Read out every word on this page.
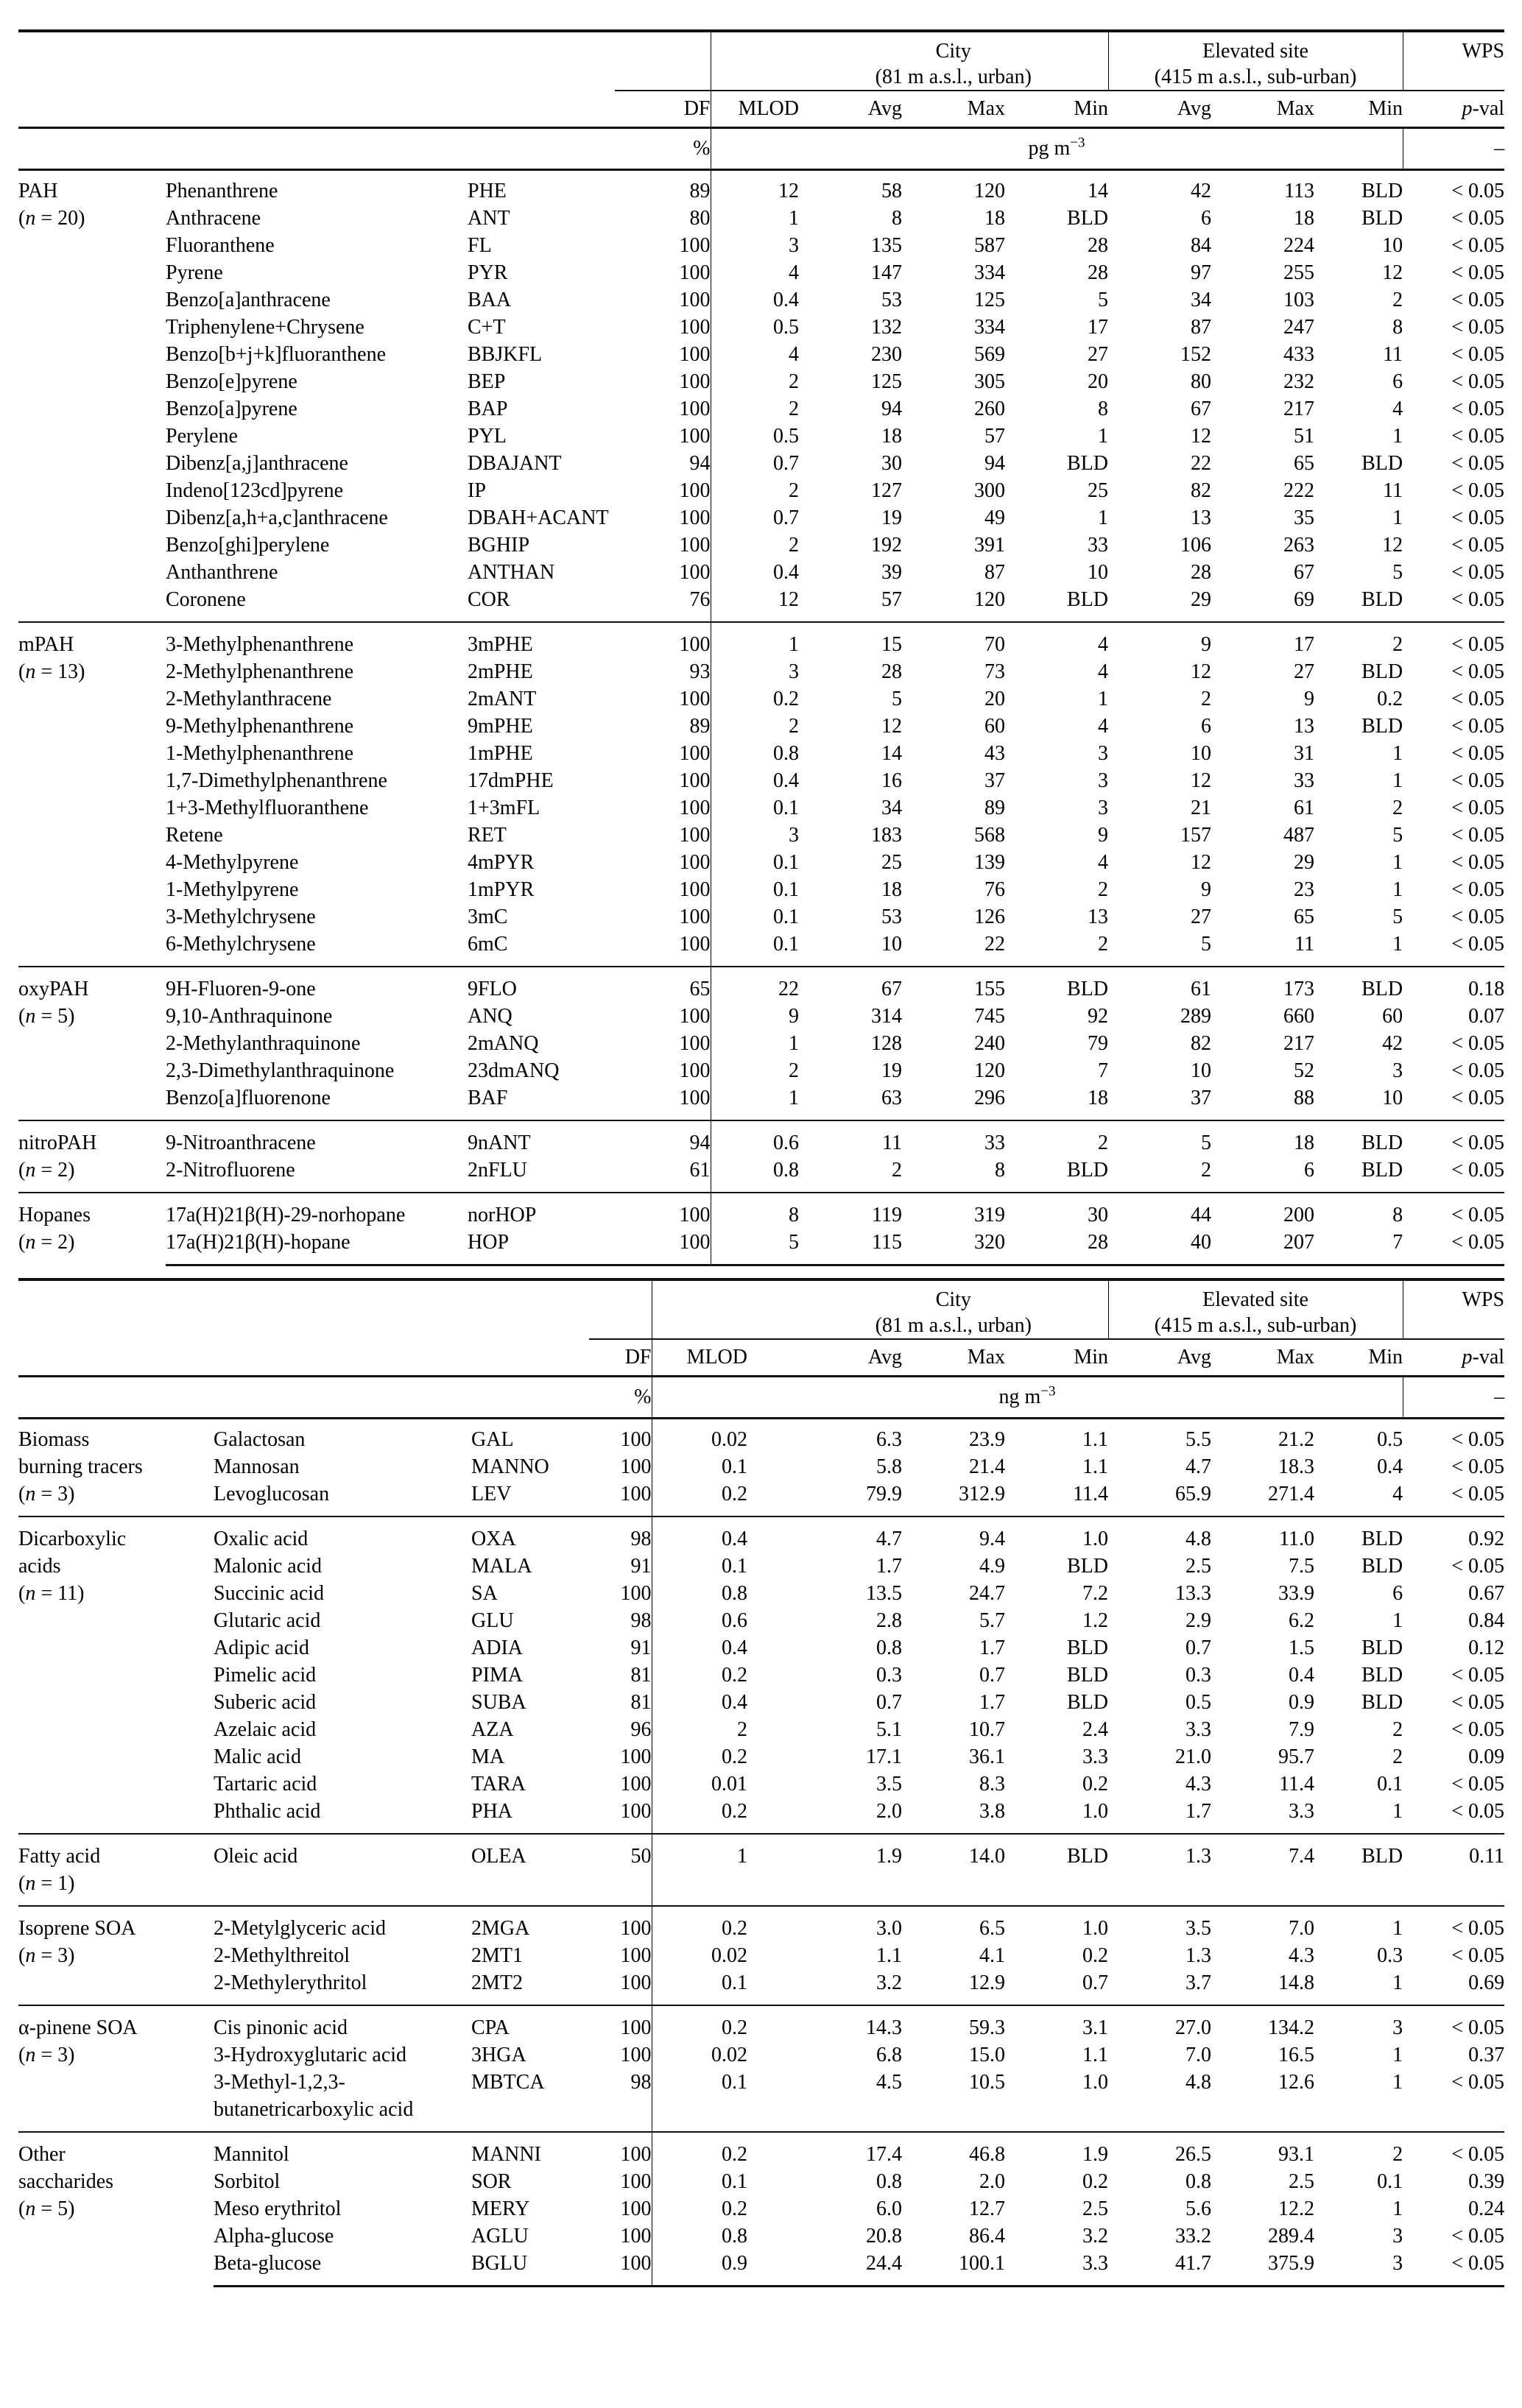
City
(81 m a.s.l., urban)

Elevated site
(415 m a.s.l., sub-urban)
	WPS
			DF	MLOD	Avg	Max	Min	Avg	Max	Min	p-val
			%	pg $m^{-3}$							–

PAH
(n = 20)	Phenanthrene	PHE	89	12	58	120	14	42	113	BLD	< 0.05
	Anthracene	ANT	80	1	8	18	BLD	6	18	BLD	< 0.05
	Fluoranthene	FL	100	3	135	587	28	84	224	10	< 0.05
	Pyrene	PYR	100	4	147	334	28	97	255	12	< 0.05
	Benzo[a]anthracene	BAA	100	0.4	53	125	5	34	103	2	< 0.05
	Triphenylene+Chrysene	C+T	100	0.5	132	334	17	87	247	8	< 0.05
	Benzo[b+j+k]fluoranthene	BBJKFL	100	4	230	569	27	152	433	11	< 0.05
	Benzo[e]pyrene	BEP	100	2	125	305	20	80	232	6	< 0.05
	Benzo[a]pyrene	BAP	100	2	94	260	8	67	217	4	< 0.05
	Perylene	PYL	100	0.5	18	57	1	12	51	1	< 0.05
	Dibenz[a,j]anthracene	DBAJANT	94	0.7	30	94	BLD	22	65	BLD	< 0.05
	Indeno[123cd]pyrene	IP	100	2	127	300	25	82	222	11	< 0.05
	Dibenz[a,h+a,c]anthracene	DBAH+ACANT	100	0.7	19	49	1	13	35	1	< 0.05
	Benzo[ghi]perylene	BGHIP	100	2	192	391	33	106	263	12	< 0.05
	Anthanthrene	ANTHAN	100	0.4	39	87	10	28	67	5	< 0.05
	Coronene	COR	76	12	57	120	BLD	29	69	BLD	< 0.05

mPAH
(n = 13)	3-Methylphenanthrene	3mPHE	100	1	15	70	4	9	17	2	< 0.05
	2-Methylphenanthrene	2mPHE	93	3	28	73	4	12	27	BLD	< 0.05
	2-Methylanthracene	2mANT	100	0.2	5	20	1	2	9	0.2	< 0.05
	9-Methylphenanthrene	9mPHE	89	2	12	60	4	6	13	BLD	< 0.05
	1-Methylphenanthrene	1mPHE	100	0.8	14	43	3	10	31	1	< 0.05
	1,7-Dimethylphenanthrene	17dmPHE	100	0.4	16	37	3	12	33	1	< 0.05
	1+3-Methylfluoranthene	1+3mFL	100	0.1	34	89	3	21	61	2	< 0.05
	Retene	RET	100	3	183	568	9	157	487	5	< 0.05
	4-Methylpyrene	4mPYR	100	0.1	25	139	4	12	29	1	< 0.05
	1-Methylpyrene	1mPYR	100	0.1	18	76	2	9	23	1	< 0.05
	3-Methylchrysene	3mC	100	0.1	53	126	13	27	65	5	< 0.05
	6-Methylchrysene	6mC	100	0.1	10	22	2	5	11	1	< 0.05

oxyPAH
(n = 5)	9H-Fluoren-9-one	9FLO	65	22	67	155	BLD	61	173	BLD	0.18
	9,10-Anthraquinone	ANQ	100	9	314	745	92	289	660	60	0.07
	2-Methylanthraquinone	2mANQ	100	1	128	240	79	82	217	42	< 0.05
	2,3-Dimethylanthraquinone	23dmANQ	100	2	19	120	7	10	52	3	< 0.05
	Benzo[a]fluorenone	BAF	100	1	63	296	18	37	88	10	< 0.05

nitroPAH
(n = 2)	9-Nitroanthracene	9nANT	94	0.6	11	33	2	5	18	BLD	< 0.05
	2-Nitrofluorene	2nFLU	61	0.8	2	8	BLD	2	6	BLD	< 0.05

Hopanes
(n = 2)	17a(H)21β(H)-29-norhopane	norHOP	100	8	119	319	30	44	200	8	< 0.05
	17a(H)21β(H)-hopane	HOP	100	5	115	320	28	40	207	7	< 0.05

City
(81 m a.s.l., urban)

Elevated site
(415 m a.s.l., sub-urban)
	WPS
			DF	MLOD	Avg	Max	Min	Avg	Max	Min	p-val
			%	ng $m^{-3}$							–

Biomass
burning tracers
(n = 3)	Galactosan	GAL	100	0.02	6.3	23.9	1.1	5.5	21.2	0.5	< 0.05
	Mannosan	MANNO	100	0.1	5.8	21.4	1.1	4.7	18.3	0.4	< 0.05
	Levoglucosan	LEV	100	0.2	79.9	312.9	11.4	65.9	271.4	4	< 0.05

Dicarboxylic
acids
(n = 11)	Oxalic acid	OXA	98	0.4	4.7	9.4	1.0	4.8	11.0	BLD	0.92
	Malonic acid	MALA	91	0.1	1.7	4.9	BLD	2.5	7.5	BLD	< 0.05
	Succinic acid	SA	100	0.8	13.5	24.7	7.2	13.3	33.9	6	0.67
	Glutaric acid	GLU	98	0.6	2.8	5.7	1.2	2.9	6.2	1	0.84
	Adipic acid	ADIA	91	0.4	0.8	1.7	BLD	0.7	1.5	BLD	0.12
	Pimelic acid	PIMA	81	0.2	0.3	0.7	BLD	0.3	0.4	BLD	< 0.05
	Suberic acid	SUBA	81	0.4	0.7	1.7	BLD	0.5	0.9	BLD	< 0.05
	Azelaic acid	AZA	96	2	5.1	10.7	2.4	3.3	7.9	2	< 0.05
	Malic acid	MA	100	0.2	17.1	36.1	3.3	21.0	95.7	2	0.09
	Tartaric acid	TARA	100	0.01	3.5	8.3	0.2	4.3	11.4	0.1	< 0.05
	Phthalic acid	PHA	100	0.2	2.0	3.8	1.0	1.7	3.3	1	< 0.05

Fatty acid
(n = 1)	Oleic acid	OLEA	50	1	1.9	14.0	BLD	1.3	7.4	BLD	0.11

Isoprene SOA
(n = 3)	2-Metylglyceric acid	2MGA	100	0.2	3.0	6.5	1.0	3.5	7.0	1	< 0.05
	2-Methylthreitol	2MT1	100	0.02	1.1	4.1	0.2	1.3	4.3	0.3	< 0.05
	2-Methylerythritol	2MT2	100	0.1	3.2	12.9	0.7	3.7	14.8	1	0.69

α-pinene SOA
(n = 3)	Cis pinonic acid	CPA	100	0.2	14.3	59.3	3.1	27.0	134.2	3	< 0.05
	3-Hydroxyglutaric acid	3HGA	100	0.02	6.8	15.0	1.1	7.0	16.5	1	0.37
	3-Methyl-1,2,3-butanetricarboxylic acid	MBTCA	98	0.1	4.5	10.5	1.0	4.8	12.6	1	< 0.05

Other
saccharides
(n = 5)	Mannitol	MANNI	100	0.2	17.4	46.8	1.9	26.5	93.1	2	< 0.05
	Sorbitol	SOR	100	0.1	0.8	2.0	0.2	0.8	2.5	0.1	0.39
	Meso erythritol	MERY	100	0.2	6.0	12.7	2.5	5.6	12.2	1	0.24
	Alpha-glucose	AGLU	100	0.8	20.8	86.4	3.2	33.2	289.4	3	< 0.05
	Beta-glucose	BGLU	100	0.9	24.4	100.1	3.3	41.7	375.9	3	< 0.05
